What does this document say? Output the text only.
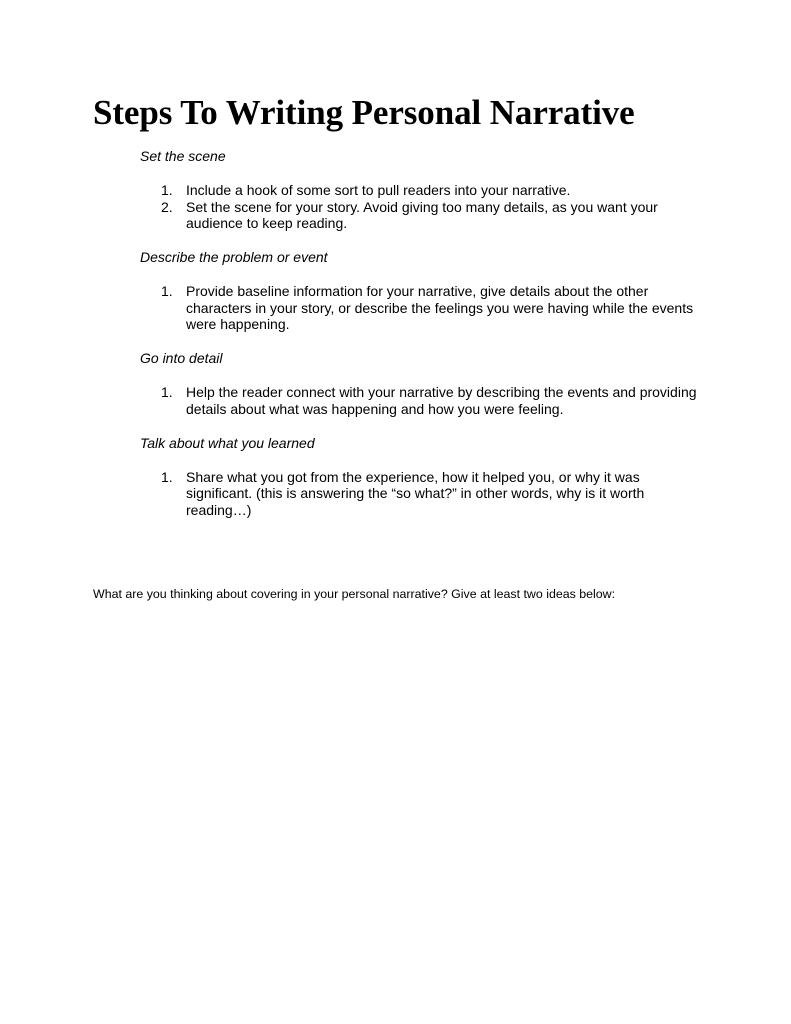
Steps To Writing Personal Narrative

Set the scene

1. Include a hook of some sort to pull readers into your narrative.
2. Set the scene for your story. Avoid giving too many details, as you want your audience to keep reading.

Describe the problem or event

1. Provide baseline information for your narrative, give details about the other characters in your story, or describe the feelings you were having while the events were happening.

Go into detail

1. Help the reader connect with your narrative by describing the events and providing details about what was happening and how you were feeling.

Talk about what you learned

1. Share what you got from the experience, how it helped you, or why it was significant. (this is answering the “so what?” in other words, why is it worth reading…)

What are you thinking about covering in your personal narrative? Give at least two ideas below:
